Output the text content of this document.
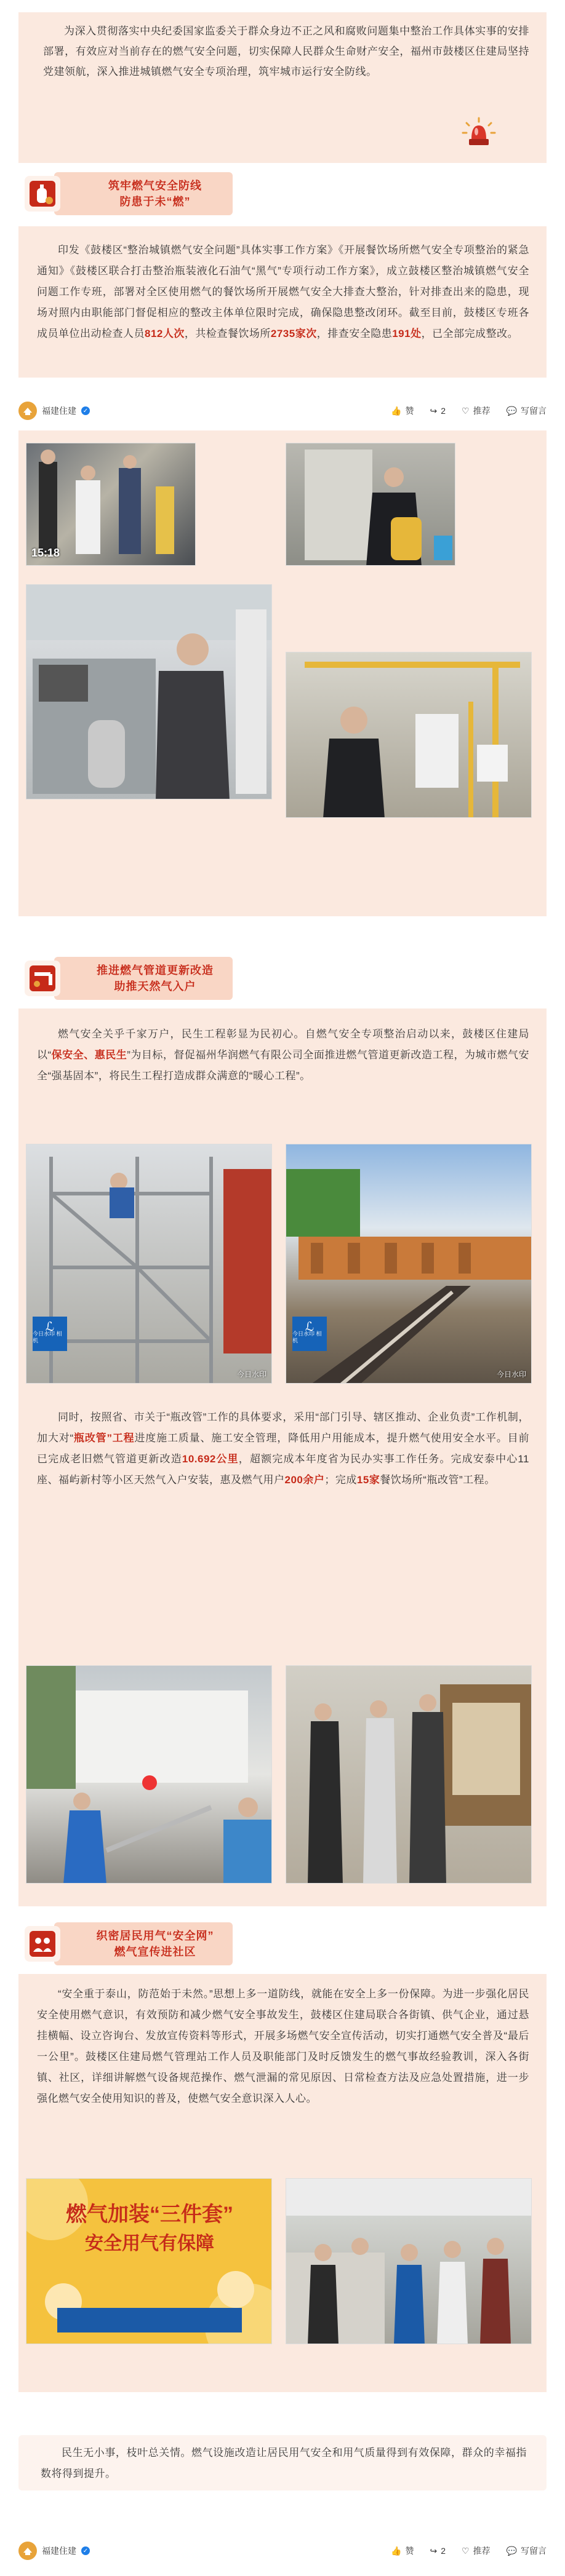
为深入贯彻落实中央纪委国家监委关于群众身边不正之风和腐败问题集中整治工作具体实事的安排部署，有效应对当前存在的燃气安全问题，切实保障人民群众生命财产安全，福州市鼓楼区住建局坚持党建领航，深入推进城镇燃气安全专项治理，筑牢城市运行安全防线。
筑牢燃气安全防线
防患于未“燃”
印发《鼓楼区“整治城镇燃气安全问题”具体实事工作方案》《开展餐饮场所燃气安全专项整治的紧急通知》《鼓楼区联合打击整治瓶装液化石油气“黑气”专项行动工作方案》，成立鼓楼区整治城镇燃气安全问题工作专班，部署对全区使用燃气的餐饮场所开展燃气安全大排查大整治，针对排查出来的隐患，现场对照内由职能部门督促相应的整改主体单位限时完成，确保隐患整改闭环。截至目前，鼓楼区专班各成员单位出动检查人员812人次，共检查餐饮场所2735家次，排查安全隐患191处，已全部完成整改。
福建住建 ✓	👍 赞 ↪ 2 ♡ 推荐 💬 写留言
15:18
推进燃气管道更新改造
助推天然气入户
燃气安全关乎千家万户，民生工程彰显为民初心。自燃气安全专项整治启动以来，鼓楼区住建局以“保安全、惠民生”为目标，督促福州华润燃气有限公司全面推进燃气管道更新改造工程，为城市燃气安全“强基固本”，将民生工程打造成群众满意的“暖心工程”。
ℒ
今日水印 相机
今日水印
ℒ
今日水印 相机
今日水印
同时，按照省、市关于“瓶改管”工作的具体要求，采用“部门引导、辖区推动、企业负责”工作机制，加大对“瓶改管”工程进度施工质量、施工安全管理，降低用户用能成本，提升燃气使用安全水平。目前已完成老旧燃气管道更新改造10.692公里，超额完成本年度省为民办实事工作任务。完成安泰中心11座、福屿新村等小区天然气入户安装，惠及燃气用户200余户；完成15家餐饮场所“瓶改管”工程。
织密居民用气“安全网”
燃气宣传进社区
“安全重于泰山，防范始于未然。”思想上多一道防线，就能在安全上多一份保障。为进一步强化居民安全使用燃气意识，有效预防和减少燃气安全事故发生，鼓楼区住建局联合各街镇、供气企业，通过悬挂横幅、设立咨询台、发放宣传资料等形式，开展多场燃气安全宣传活动，切实打通燃气安全普及“最后一公里”。鼓楼区住建局燃气管理站工作人员及职能部门及时反馈发生的燃气事故经验教训，深入各街镇、社区，详细讲解燃气设备规范操作、燃气泄漏的常见原因、日常检查方法及应急处置措施，进一步强化燃气安全使用知识的普及，使燃气安全意识深入人心。
燃气加装“三件套”
安全用气有保障
民生无小事，枝叶总关情。燃气设施改造让居民用气安全和用气质量得到有效保障，群众的幸福指数将得到提升。
福建住建 ✓	👍 赞 ↪ 2 ♡ 推荐 💬 写留言
